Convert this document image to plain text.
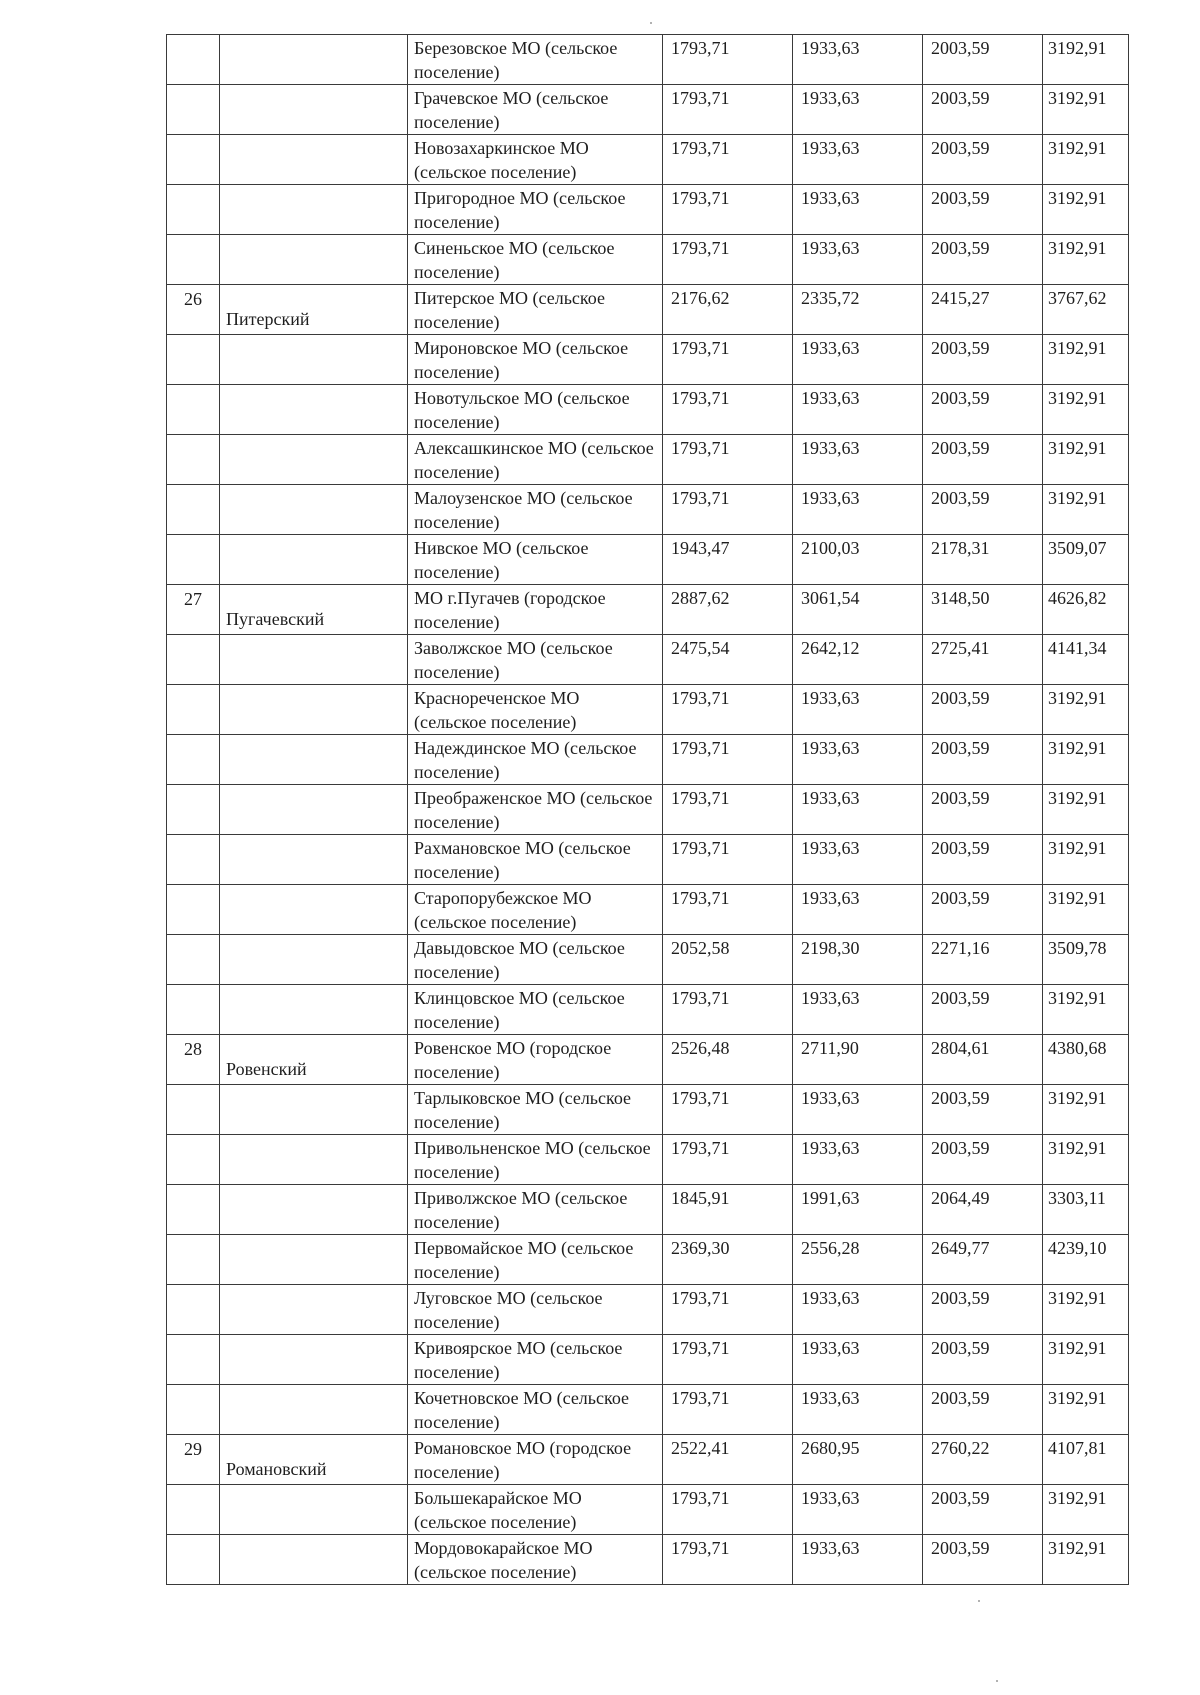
		Березовское МО (сельское поселение)	1793,71	1933,63	2003,59	3192,91
		Грачевское МО (сельское поселение)	1793,71	1933,63	2003,59	3192,91
		Новозахаркинское МО (сельское поселение)	1793,71	1933,63	2003,59	3192,91
		Пригородное МО (сельское поселение)	1793,71	1933,63	2003,59	3192,91
		Синеньское МО (сельское поселение)	1793,71	1933,63	2003,59	3192,91
26	Питерский	Питерское МО (сельское поселение)	2176,62	2335,72	2415,27	3767,62
		Мироновское МО (сельское поселение)	1793,71	1933,63	2003,59	3192,91
		Новотульское МО (сельское поселение)	1793,71	1933,63	2003,59	3192,91
		Алексашкинское МО (сельское поселение)	1793,71	1933,63	2003,59	3192,91
		Малоузенское МО (сельское поселение)	1793,71	1933,63	2003,59	3192,91
		Нивское МО (сельское поселение)	1943,47	2100,03	2178,31	3509,07
27	Пугачевский	МО г.Пугачев (городское поселение)	2887,62	3061,54	3148,50	4626,82
		Заволжское МО (сельское поселение)	2475,54	2642,12	2725,41	4141,34
		Краснореченское МО (сельское поселение)	1793,71	1933,63	2003,59	3192,91
		Надеждинское МО (сельское поселение)	1793,71	1933,63	2003,59	3192,91
		Преображенское МО (сельское поселение)	1793,71	1933,63	2003,59	3192,91
		Рахмановское МО (сельское поселение)	1793,71	1933,63	2003,59	3192,91
		Старопорубежское МО (сельское поселение)	1793,71	1933,63	2003,59	3192,91
		Давыдовское МО (сельское поселение)	2052,58	2198,30	2271,16	3509,78
		Клинцовское МО (сельское поселение)	1793,71	1933,63	2003,59	3192,91
28	Ровенский	Ровенское МО (городское поселение)	2526,48	2711,90	2804,61	4380,68
		Тарлыковское МО (сельское поселение)	1793,71	1933,63	2003,59	3192,91
		Привольненское МО (сельское поселение)	1793,71	1933,63	2003,59	3192,91
		Приволжское МО (сельское поселение)	1845,91	1991,63	2064,49	3303,11
		Первомайское МО (сельское поселение)	2369,30	2556,28	2649,77	4239,10
		Луговское МО (сельское поселение)	1793,71	1933,63	2003,59	3192,91
		Кривоярское МО (сельское поселение)	1793,71	1933,63	2003,59	3192,91
		Кочетновское МО (сельское поселение)	1793,71	1933,63	2003,59	3192,91
29	Романовский	Романовское МО (городское поселение)	2522,41	2680,95	2760,22	4107,81
		Большекарайское МО (сельское поселение)	1793,71	1933,63	2003,59	3192,91
		Мордовокарайское МО (сельское поселение)	1793,71	1933,63	2003,59	3192,91
